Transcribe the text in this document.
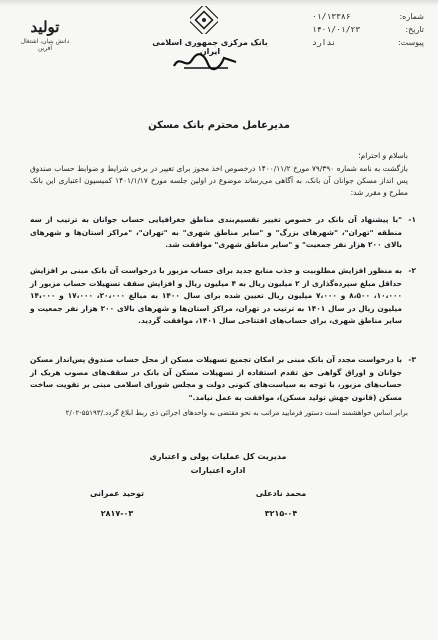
شماره:
۰۱/۱۳۳۸۶
تاریخ:
۱۴۰۱/۰۱/۲۳
پیوست:
ندارد
بانک مرکزی جمهوری اسلامی ایران
تولید
دانش بنیان، اشتغال آفرین
مدیرعامل محترم بانک مسکن
باسلام و احترام؛
بازگشت به نامه شماره ۷۹/۳۹۰ مورخ ۱۴۰۰/۱۱/۲ درخصوص اخذ مجوز برای تغییر در برخی شرایط و ضوابط حساب صندوق پس انداز مسکن جوانان آن بانک، به آگاهی می‌رساند موضوع در اولین جلسه مورخ ۱۴۰۱/۱/۱۷ کمیسیون اعتباری این بانک مطرح و مقرر شد:
۱-
"با پیشنهاد آن بانک در خصوص تغییر تقسیم‌بندی مناطق جغرافیایی حساب جوانان به ترتیب از سه منطقه "تهران"، "شهرهای بزرگ" و "سایر مناطق شهری" به "تهران"، "مراکز استان‌ها و شهرهای بالای ۲۰۰ هزار نفر جمعیت" و "سایر مناطق شهری" موافقت شد.
۲-
به منظور افزایش مطلوبیت و جذب منابع جدید برای حساب مزبور با درخواست آن بانک مبنی بر افزایش حداقل مبلغ سپرده‌گذاری از ۲ میلیون ریال به ۴ میلیون ریال و افزایش سقف تسهیلات حساب مزبور از ۱۰،۰۰۰، ۸،۵۰۰ و ۷،۰۰۰ میلیون ریال تعیین شده برای سال ۱۴۰۰ به مبالغ ۲۰،۰۰۰، ۱۷،۰۰۰ و ۱۴،۰۰۰ میلیون ریال در سال ۱۴۰۱ به ترتیب در تهران، مراکز استان‌ها و شهرهای بالای ۲۰۰ هزار نفر جمعیت و سایر مناطق شهری، برای حساب‌های افتتاحی سال ۱۴۰۱، موافقت گردید.
۳-
با درخواست مجدد آن بانک مبنی بر امکان تجمیع تسهیلات مسکن از محل حساب صندوق پس‌انداز مسکن جوانان و اوراق گواهی حق تقدم استفاده از تسهیلات مسکن آن بانک در سقف‌های مصوب هریک از حساب‌های مزبور، با توجه به سیاست‌های کنونی دولت و مجلس شورای اسلامی مبنی بر تقویت ساخت مسکن (قانون جهش تولید مسکن)، موافقت به عمل نیامد."
برابر اساس خواهشمند است دستور فرمایید مراتب به نحو مقتضی به واحدهای اجرائی ذی ربط ابلاغ گردد./۵۵۱۹۳-۲/۰۲
مدیریت کل عملیات پولی و اعتباری
اداره اعتبارات
محمد نادعلی
۳۲۱۵-۰۴
توحید عمرانی
۲۸۱۷-۰۳
